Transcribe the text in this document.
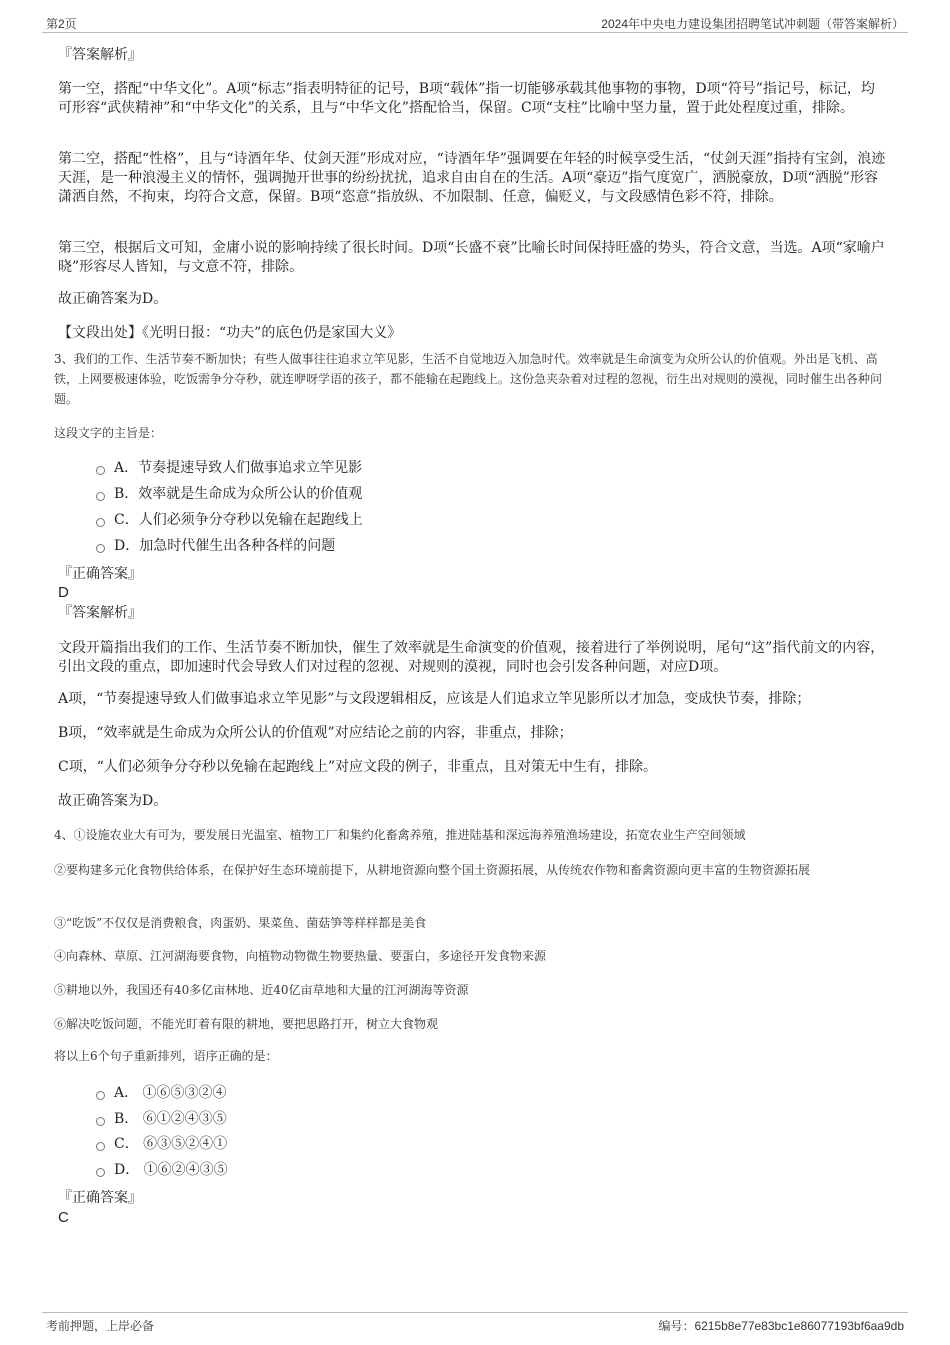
第2页	2024年中央电力建设集团招聘笔试冲刺题（带答案解析）
『答案解析』
第一空，搭配“中华文化”。A项“标志”指表明特征的记号，B项“载体”指一切能够承载其他事物的事物，D项“符号”指记号，标记，均可形容“武侠精神”和“中华文化”的关系，且与“中华文化”搭配恰当，保留。C项“支柱”比喻中坚力量，置于此处程度过重，排除。
第二空，搭配“性格”，且与“诗酒年华、仗剑天涯”形成对应，“诗酒年华”强调要在年轻的时候享受生活，“仗剑天涯”指持有宝剑，浪迹天涯，是一种浪漫主义的情怀，强调抛开世事的纷纷扰扰，追求自由自在的生活。A项“豪迈”指气度宽广，洒脱豪放，D项“洒脱”形容潇洒自然，不拘束，均符合文意，保留。B项“恣意”指放纵、不加限制、任意，偏贬义，与文段感情色彩不符，排除。
第三空，根据后文可知，金庸小说的影响持续了很长时间。D项“长盛不衰”比喻长时间保持旺盛的势头，符合文意，当选。A项“家喻户晓”形容尽人皆知，与文意不符，排除。
故正确答案为D。
【文段出处】《光明日报：“功夫”的底色仍是家国大义》
3、我们的工作、生活节奏不断加快；有些人做事往往追求立竿见影，生活不自觉地迈入加急时代。效率就是生命演变为众所公认的价值观。外出是飞机、高铁，上网要极速体验，吃饭需争分夺秒，就连咿呀学语的孩子，都不能输在起跑线上。这份急夹杂着对过程的忽视，衍生出对规则的漠视，同时催生出各种问题。
这段文字的主旨是：
A．节奏提速导致人们做事追求立竿见影
B．效率就是生命成为众所公认的价值观
C．人们必须争分夺秒以免输在起跑线上
D．加急时代催生出各种各样的问题
『正确答案』
D
『答案解析』
文段开篇指出我们的工作、生活节奏不断加快，催生了效率就是生命演变的价值观，接着进行了举例说明，尾句“这”指代前文的内容，引出文段的重点，即加速时代会导致人们对过程的忽视、对规则的漠视，同时也会引发各种问题，对应D项。
A项，“节奏提速导致人们做事追求立竿见影”与文段逻辑相反，应该是人们追求立竿见影所以才加急，变成快节奏，排除；
B项，“效率就是生命成为众所公认的价值观”对应结论之前的内容，非重点，排除；
C项，“人们必须争分夺秒以免输在起跑线上”对应文段的例子，非重点，且对策无中生有，排除。
故正确答案为D。
4、①设施农业大有可为，要发展日光温室、植物工厂和集约化畜禽养殖，推进陆基和深远海养殖渔场建设，拓宽农业生产空间领域
②要构建多元化食物供给体系，在保护好生态环境前提下，从耕地资源向整个国土资源拓展，从传统农作物和畜禽资源向更丰富的生物资源拓展
③“吃饭”不仅仅是消费粮食，肉蛋奶、果菜鱼、菌菇笋等样样都是美食
④向森林、草原、江河湖海要食物，向植物动物微生物要热量、要蛋白，多途径开发食物来源
⑤耕地以外，我国还有40多亿亩林地、近40亿亩草地和大量的江河湖海等资源
⑥解决吃饭问题，不能光盯着有限的耕地，要把思路打开，树立大食物观
将以上6个句子重新排列，语序正确的是：
A． ①⑥⑤③②④
B． ⑥①②④③⑤
C． ⑥③⑤②④①
D． ①⑥②④③⑤
『正确答案』
C
考前押题，上岸必备	编号：6215b8e77e83bc1e86077193bf6aa9db
